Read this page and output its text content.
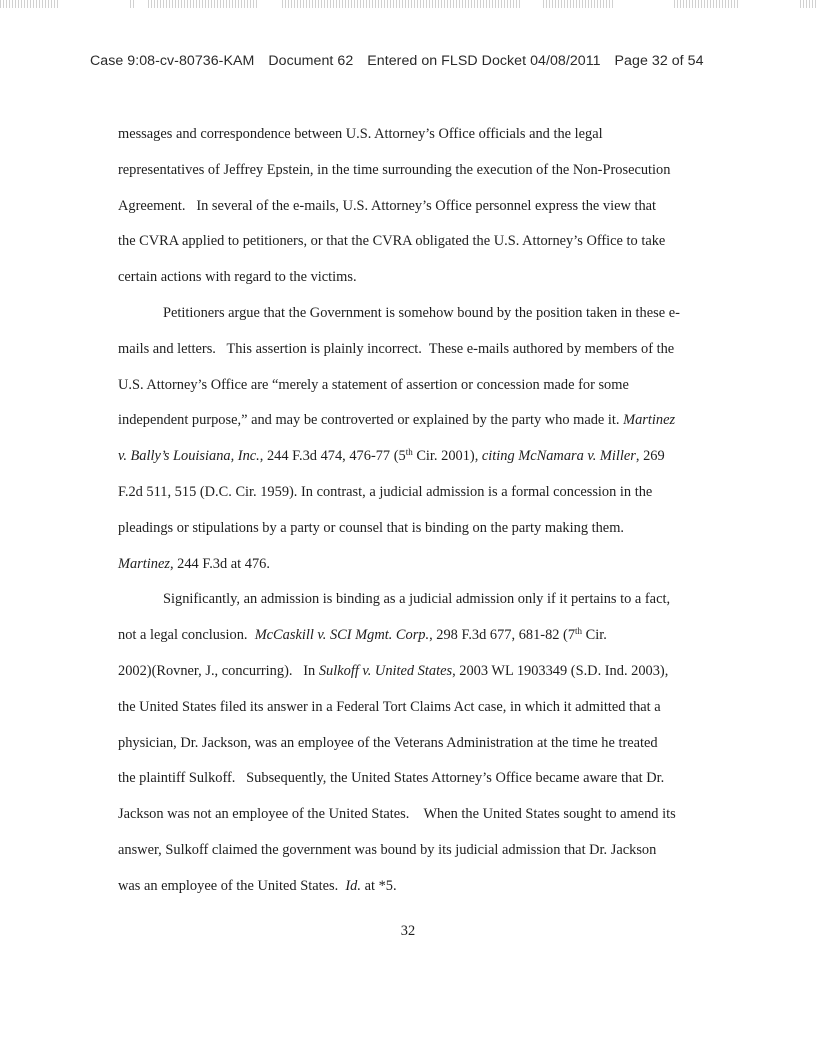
Case 9:08-cv-80736-KAM Document 62 Entered on FLSD Docket 04/08/2011 Page 32 of 54
messages and correspondence between U.S. Attorney’s Office officials and the legal
representatives of Jeffrey Epstein, in the time surrounding the execution of the Non-Prosecution
Agreement.   In several of the e-mails, U.S. Attorney’s Office personnel express the view that
the CVRA applied to petitioners, or that the CVRA obligated the U.S. Attorney’s Office to take
certain actions with regard to the victims.
Petitioners argue that the Government is somehow bound by the position taken in these e-
mails and letters.   This assertion is plainly incorrect.  These e-mails authored by members of the
U.S. Attorney’s Office are “merely a statement of assertion or concession made for some
independent purpose,” and may be controverted or explained by the party who made it. Martinez
v. Bally’s Louisiana, Inc., 244 F.3d 474, 476-77 (5th Cir. 2001), citing McNamara v. Miller, 269
F.2d 511, 515 (D.C. Cir. 1959). In contrast, a judicial admission is a formal concession in the
pleadings or stipulations by a party or counsel that is binding on the party making them.
Martinez, 244 F.3d at 476.
Significantly, an admission is binding as a judicial admission only if it pertains to a fact,
not a legal conclusion.  McCaskill v. SCI Mgmt. Corp., 298 F.3d 677, 681-82 (7th Cir.
2002)(Rovner, J., concurring).   In Sulkoff v. United States, 2003 WL 1903349 (S.D. Ind. 2003),
the United States filed its answer in a Federal Tort Claims Act case, in which it admitted that a
physician, Dr. Jackson, was an employee of the Veterans Administration at the time he treated
the plaintiff Sulkoff.   Subsequently, the United States Attorney’s Office became aware that Dr.
Jackson was not an employee of the United States.    When the United States sought to amend its
answer, Sulkoff claimed the government was bound by its judicial admission that Dr. Jackson
was an employee of the United States.  Id. at *5.
32
